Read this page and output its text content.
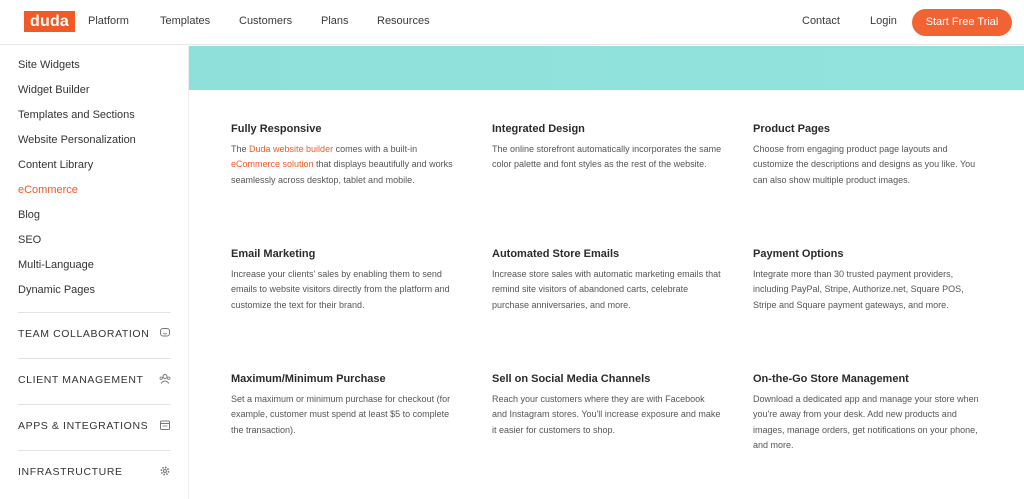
duda	Platform	Templates	Customers	Plans	Resources	Contact	Login	Start Free Trial
Site Widgets
Widget Builder
Templates and Sections
Website Personalization
Content Library
eCommerce
Blog
SEO
Multi-Language
Dynamic Pages
TEAM COLLABORATION
CLIENT MANAGEMENT
APPS & INTEGRATIONS
INFRASTRUCTURE
Fully Responsive

The Duda website builder comes with a built-in eCommerce solution that displays beautifully and works seamlessly across desktop, tablet and mobile.

Integrated Design

The online storefront automatically incorporates the same color palette and font styles as the rest of the website.

Product Pages

Choose from engaging product page layouts and customize the descriptions and designs as you like. You can also show multiple product images.

Email Marketing

Increase your clients' sales by enabling them to send emails to website visitors directly from the platform and customize the text for their brand.

Automated Store Emails

Increase store sales with automatic marketing emails that remind site visitors of abandoned carts, celebrate purchase anniversaries, and more.

Payment Options

Integrate more than 30 trusted payment providers, including PayPal, Stripe, Authorize.net, Square POS, Stripe and Square payment gateways, and more.

Maximum/Minimum Purchase

Set a maximum or minimum purchase for checkout (for example, customer must spend at least $5 to complete the transaction).

Sell on Social Media Channels

Reach your customers where they are with Facebook and Instagram stores. You'll increase exposure and make it easier for customers to shop.

On-the-Go Store Management

Download a dedicated app and manage your store when you're away from your desk. Add new products and images, manage orders, get notifications on your phone, and more.
